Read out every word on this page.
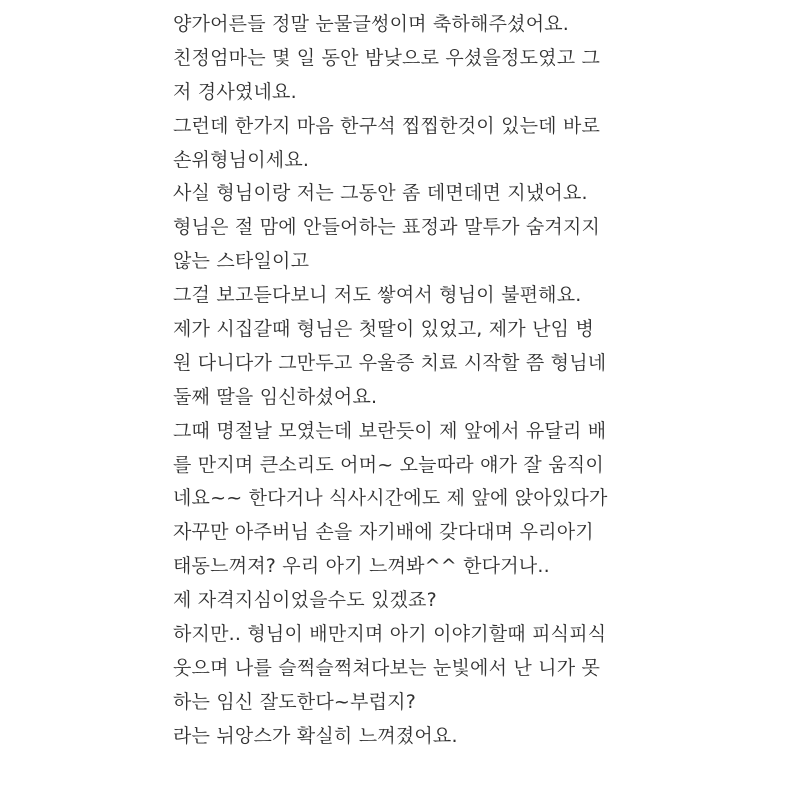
양가어른들 정말 눈물글썽이며 축하해주셨어요.
친정엄마는 몇 일 동안 밤낮으로 우셨을정도였고 그
저 경사였네요.
그런데 한가지 마음 한구석 찝찝한것이 있는데 바로
손위형님이세요.
사실 형님이랑 저는 그동안 좀 데면데면 지냈어요.
형님은 절 맘에 안들어하는 표정과 말투가 숨겨지지
않는 스타일이고
그걸 보고듣다보니 저도 쌓여서 형님이 불편해요.
제가 시집갈때 형님은 첫딸이 있었고, 제가 난임 병
원 다니다가 그만두고 우울증 치료 시작할 쯤 형님네
둘째 딸을 임신하셨어요.
그때 명절날 모였는데 보란듯이 제 앞에서 유달리 배
를 만지며 큰소리도 어머~ 오늘따라 얘가 잘 움직이
네요~~ 한다거나 식사시간에도 제 앞에 앉아있다가
자꾸만 아주버님 손을 자기배에 갖다대며 우리아기
태동느껴져? 우리 아기 느껴봐^^ 한다거나..
제 자격지심이었을수도 있겠죠?
하지만.. 형님이 배만지며 아기 이야기할때 피식피식
웃으며 나를 슬쩍슬쩍쳐다보는 눈빛에서 난 니가 못
하는 임신 잘도한다~부럽지?
라는 뉘앙스가 확실히 느껴졌어요.
